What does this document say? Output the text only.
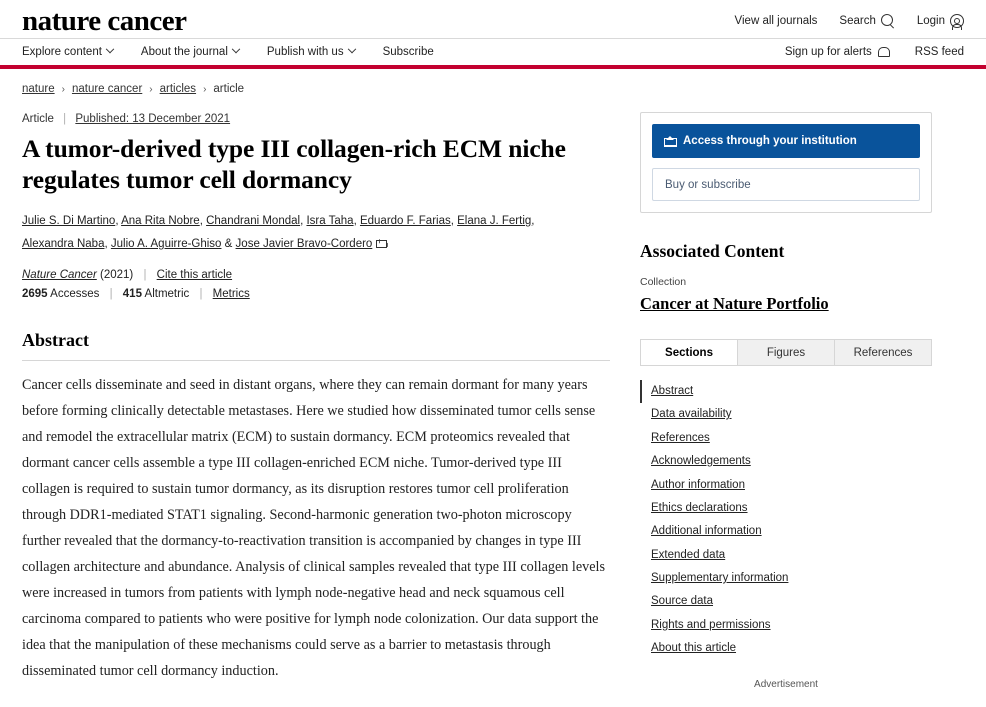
nature cancer	View all journals Search	Login
Explore content	About the journal	Publish with us	Subscribe	Sign up for alerts	RSS feed
nature › nature cancer › articles › article
Article | Published: 13 December 2021
A tumor-derived type III collagen-rich ECM niche regulates tumor cell dormancy
Julie S. Di Martino, Ana Rita Nobre, Chandrani Mondal, Isra Taha, Eduardo F. Farias, Elana J. Fertig,
Alexandra Naba, Julio A. Aguirre-Ghiso & Jose Javier Bravo-Cordero
Nature Cancer (2021) | Cite this article
2695 Accesses | 415 Altmetric | Metrics
Abstract
Cancer cells disseminate and seed in distant organs, where they can remain dormant for many years before forming clinically detectable metastases. Here we studied how disseminated tumor cells sense and remodel the extracellular matrix (ECM) to sustain dormancy. ECM proteomics revealed that dormant cancer cells assemble a type III collagen-enriched ECM niche. Tumor-derived type III collagen is required to sustain tumor dormancy, as its disruption restores tumor cell proliferation through DDR1-mediated STAT1 signaling. Second-harmonic generation two-photon microscopy further revealed that the dormancy-to-reactivation transition is accompanied by changes in type III collagen architecture and abundance. Analysis of clinical samples revealed that type III collagen levels were increased in tumors from patients with lymph node-negative head and neck squamous cell carcinoma compared to patients who were positive for lymph node colonization. Our data support the idea that the manipulation of these mechanisms could serve as a barrier to metastasis through disseminated tumor cell dormancy induction.
Access through your institution
Buy or subscribe
Associated Content
Collection
Cancer at Nature Portfolio
Sections	Figures	References
Abstract
Data availability
References
Acknowledgements
Author information
Ethics declarations
Additional information
Extended data
Supplementary information
Source data
Rights and permissions
About this article
Advertisement
